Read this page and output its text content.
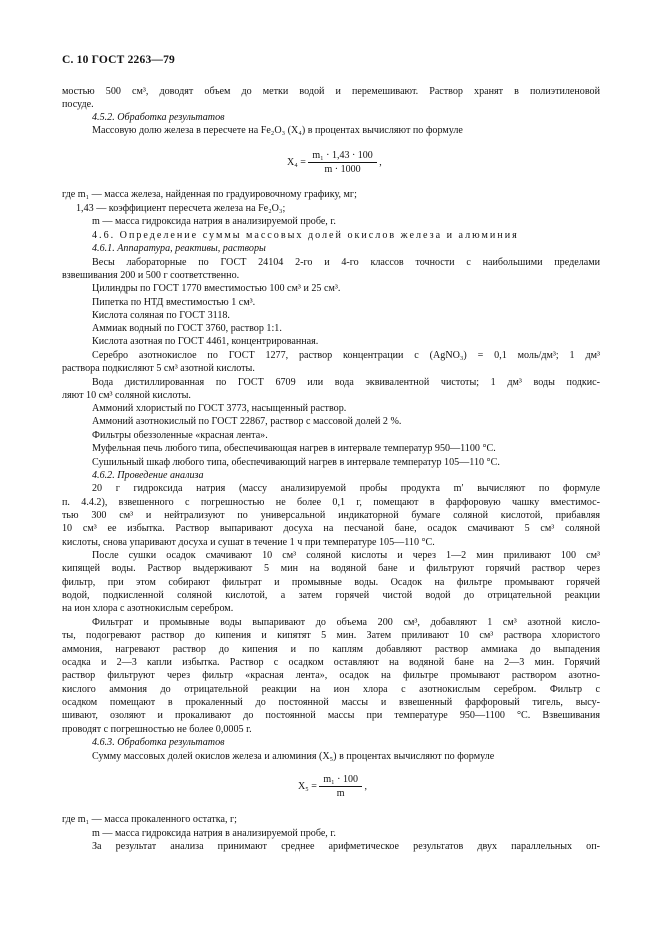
С. 10 ГОСТ 2263—79
мостью 500 см³, доводят объем до метки водой и перемешивают. Раствор хранят в полиэтиленовой
посуде.
4.5.2. Обработка результатов
Массовую долю железа в пересчете на Fe₂O₃ (X₄) в процентах вычисляют по формуле
$X_4 = \frac{\text{m₁ · 1,43 · 100}}{m \cdot 1000}$ ,
где m₁ — масса железа, найденная по градуировочному графику, мг;
1,43 — коэффициент пересчета железа на Fe₂O₃;
m — масса гидроксида натрия в анализируемой пробе, г.
4.6. Определение суммы массовых долей окислов железа и алюминия
4.6.1. Аппаратура, реактивы, растворы
Весы лабораторные по ГОСТ 24104 2-го и 4-го классов точности с наибольшими пределами
взвешивания 200 и 500 г соответственно.
Цилиндры по ГОСТ 1770 вместимостью 100 см³ и 25 см³.
Пипетка по НТД вместимостью 1 см³.
Кислота соляная по ГОСТ 3118.
Аммиак водный по ГОСТ 3760, раствор 1:1.
Кислота азотная по ГОСТ 4461, концентрированная.
Серебро азотнокислое по ГОСТ 1277, раствор концентрации c (AgNO₃) = 0,1 моль/дм³; 1 дм³
раствора подкисляют 5 см³ азотной кислоты.
Вода дистиллированная по ГОСТ 6709 или вода эквивалентной чистоты; 1 дм³ воды подкис-
ляют 10 см³ соляной кислоты.
Аммоний хлористый по ГОСТ 3773, насыщенный раствор.
Аммоний азотнокислый по ГОСТ 22867, раствор с массовой долей 2 %.
Фильтры обеззоленные «красная лента».
Муфельная печь любого типа, обеспечивающая нагрев в интервале температур 950—1100 °С.
Сушильный шкаф любого типа, обеспечивающий нагрев в интервале температур 105—110 °С.
4.6.2. Проведение анализа
20 г гидроксида натрия (массу анализируемой пробы продукта m′ вычисляют по формуле
п. 4.4.2), взвешенного с погрешностью не более 0,1 г, помещают в фарфоровую чашку вместимос-
тью 300 см³ и нейтрализуют по универсальной индикаторной бумаге соляной кислотой, прибавляя
10 см³ ее избытка. Раствор выпаривают досуха на песчаной бане, осадок смачивают 5 см³ соляной
кислоты, снова упаривают досуха и сушат в течение 1 ч при температуре 105—110 °С.
После сушки осадок смачивают 10 см³ соляной кислоты и через 1—2 мин приливают 100 см³
кипящей воды. Раствор выдерживают 5 мин на водяной бане и фильтруют горячий раствор через
фильтр, при этом собирают фильтрат и промывные воды. Осадок на фильтре промывают горячей
водой, подкисленной соляной кислотой, а затем горячей чистой водой до отрицательной реакции
на ион хлора с азотнокислым серебром.
Фильтрат и промывные воды выпаривают до объема 200 см³, добавляют 1 см³ азотной кисло-
ты, подогревают раствор до кипения и кипятят 5 мин. Затем приливают 10 см³ раствора хлористого
аммония, нагревают раствор до кипения и по каплям добавляют раствор аммиака до выпадения
осадка и 2—3 капли избытка. Раствор с осадком оставляют на водяной бане на 2—3 мин. Горячий
раствор фильтруют через фильтр «красная лента», осадок на фильтре промывают раствором азотно-
кислого аммония до отрицательной реакции на ион хлора с азотнокислым серебром. Фильтр с
осадком помещают в прокаленный до постоянной массы и взвешенный фарфоровый тигель, высу-
шивают, озоляют и прокаливают до постоянной массы при температуре 950—1100 °С. Взвешивания
проводят с погрешностью не более 0,0005 г.
4.6.3. Обработка результатов
Сумму массовых долей окислов железа и алюминия (X₅) в процентах вычисляют по формуле
$X_5 = \frac{\text{m₁ · 100}}{m}$ ,
где m₁ — масса прокаленного остатка, г;
m — масса гидроксида натрия в анализируемой пробе, г.
За результат анализа принимают среднее арифметическое результатов двух параллельных оп-
